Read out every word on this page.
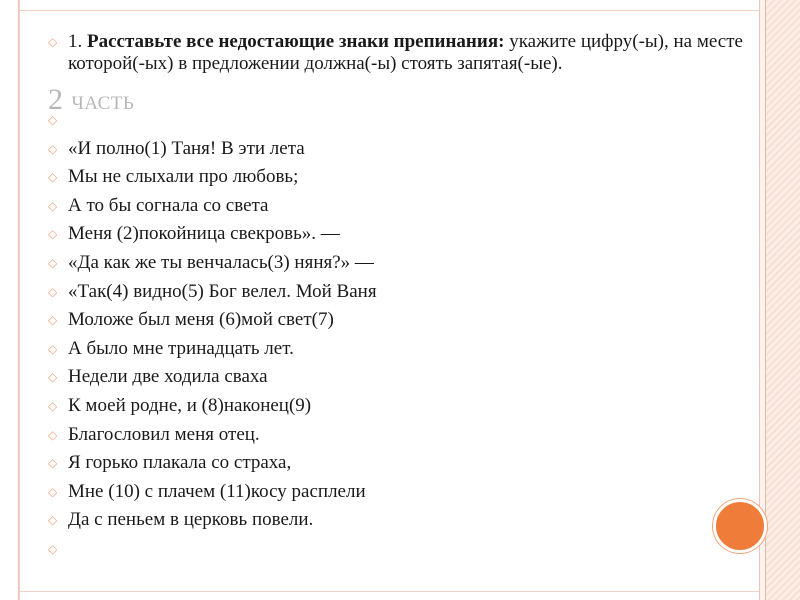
2 ЧАСТЬ
◇ 1. Расставьте все недостающие знаки препинания: укажите цифру(-ы), на месте которой(-ых) в предложении должна(-ы) стоять запятая(-ые).
◇
◇ «И полно(1) Таня! В эти лета
◇ Мы не слыхали про любовь;
◇ А то бы согнала со света
◇ Меня (2)покойница свекровь». —
◇ «Да как же ты венчалась(3) няня?» —
◇ «Так(4) видно(5) Бог велел. Мой Ваня
◇ Моложе был меня (6)мой свет(7)
◇ А было мне тринадцать лет.
◇ Недели две ходила сваха
◇ К моей родне, и (8)наконец(9)
◇ Благословил меня отец.
◇ Я горько плакала со страха,
◇ Мне (10) с плачем (11)косу расплели
◇ Да с пеньем в церковь повели.
◇
